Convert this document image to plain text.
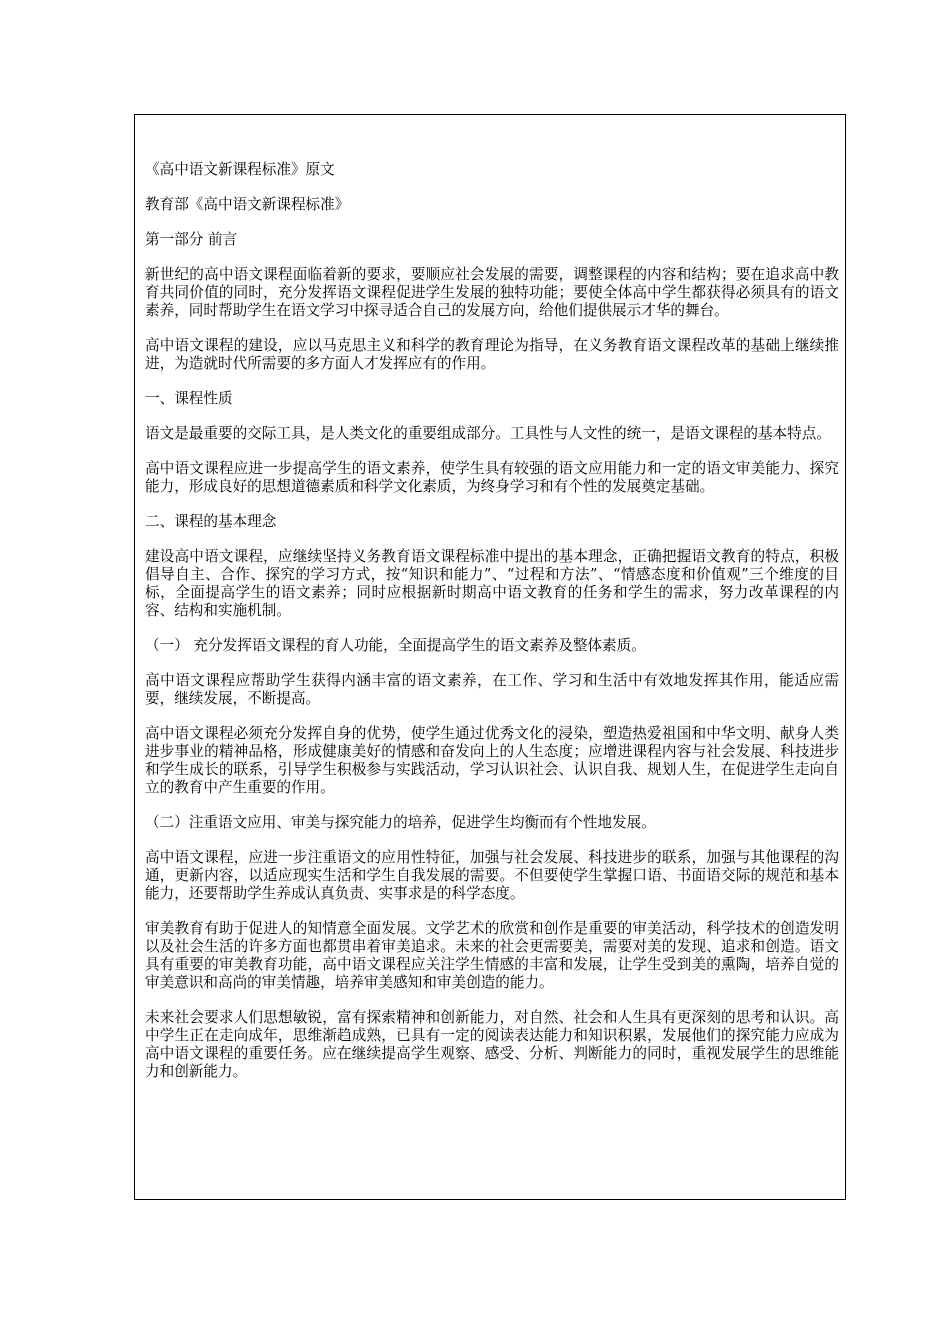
《高中语文新课程标准》原文

教育部《高中语文新课程标准》

第一部分 前言

新世纪的高中语文课程面临着新的要求，要顺应社会发展的需要，调整课程的内容和结构；要在追求高中教育共同价值的同时，充分发挥语文课程促进学生发展的独特功能；要使全体高中学生都获得必须具有的语文素养，同时帮助学生在语文学习中探寻适合自己的发展方向，给他们提供展示才华的舞台。

高中语文课程的建设，应以马克思主义和科学的教育理论为指导，在义务教育语文课程改革的基础上继续推进，为造就时代所需要的多方面人才发挥应有的作用。

一、课程性质

语文是最重要的交际工具，是人类文化的重要组成部分。工具性与人文性的统一，是语文课程的基本特点。

高中语文课程应进一步提高学生的语文素养，使学生具有较强的语文应用能力和一定的语文审美能力、探究能力，形成良好的思想道德素质和科学文化素质，为终身学习和有个性的发展奠定基础。

二、课程的基本理念

建设高中语文课程，应继续坚持义务教育语文课程标准中提出的基本理念，正确把握语文教育的特点，积极倡导自主、合作、探究的学习方式，按“知识和能力”、“过程和方法”、“情感态度和价值观”三个维度的目标，全面提高学生的语文素养；同时应根据新时期高中语文教育的任务和学生的需求，努力改革课程的内容、结构和实施机制。

（一） 充分发挥语文课程的育人功能，全面提高学生的语文素养及整体素质。

高中语文课程应帮助学生获得内涵丰富的语文素养，在工作、学习和生活中有效地发挥其作用，能适应需要，继续发展，不断提高。

高中语文课程必须充分发挥自身的优势，使学生通过优秀文化的浸染，塑造热爱祖国和中华文明、献身人类进步事业的精神品格，形成健康美好的情感和奋发向上的人生态度；应增进课程内容与社会发展、科技进步和学生成长的联系，引导学生积极参与实践活动，学习认识社会、认识自我、规划人生，在促进学生走向自立的教育中产生重要的作用。

（二）注重语文应用、审美与探究能力的培养，促进学生均衡而有个性地发展。

高中语文课程，应进一步注重语文的应用性特征，加强与社会发展、科技进步的联系，加强与其他课程的沟通，更新内容，以适应现实生活和学生自我发展的需要。不但要使学生掌握口语、书面语交际的规范和基本能力，还要帮助学生养成认真负责、实事求是的科学态度。

审美教育有助于促进人的知情意全面发展。文学艺术的欣赏和创作是重要的审美活动，科学技术的创造发明以及社会生活的许多方面也都贯串着审美追求。未来的社会更需要美，需要对美的发现、追求和创造。语文具有重要的审美教育功能，高中语文课程应关注学生情感的丰富和发展，让学生受到美的熏陶，培养自觉的审美意识和高尚的审美情趣，培养审美感知和审美创造的能力。

未来社会要求人们思想敏锐，富有探索精神和创新能力，对自然、社会和人生具有更深刻的思考和认识。高中学生正在走向成年，思维渐趋成熟，已具有一定的阅读表达能力和知识积累，发展他们的探究能力应成为高中语文课程的重要任务。应在继续提高学生观察、感受、分析、判断能力的同时，重视发展学生的思维能力和创新能力。
